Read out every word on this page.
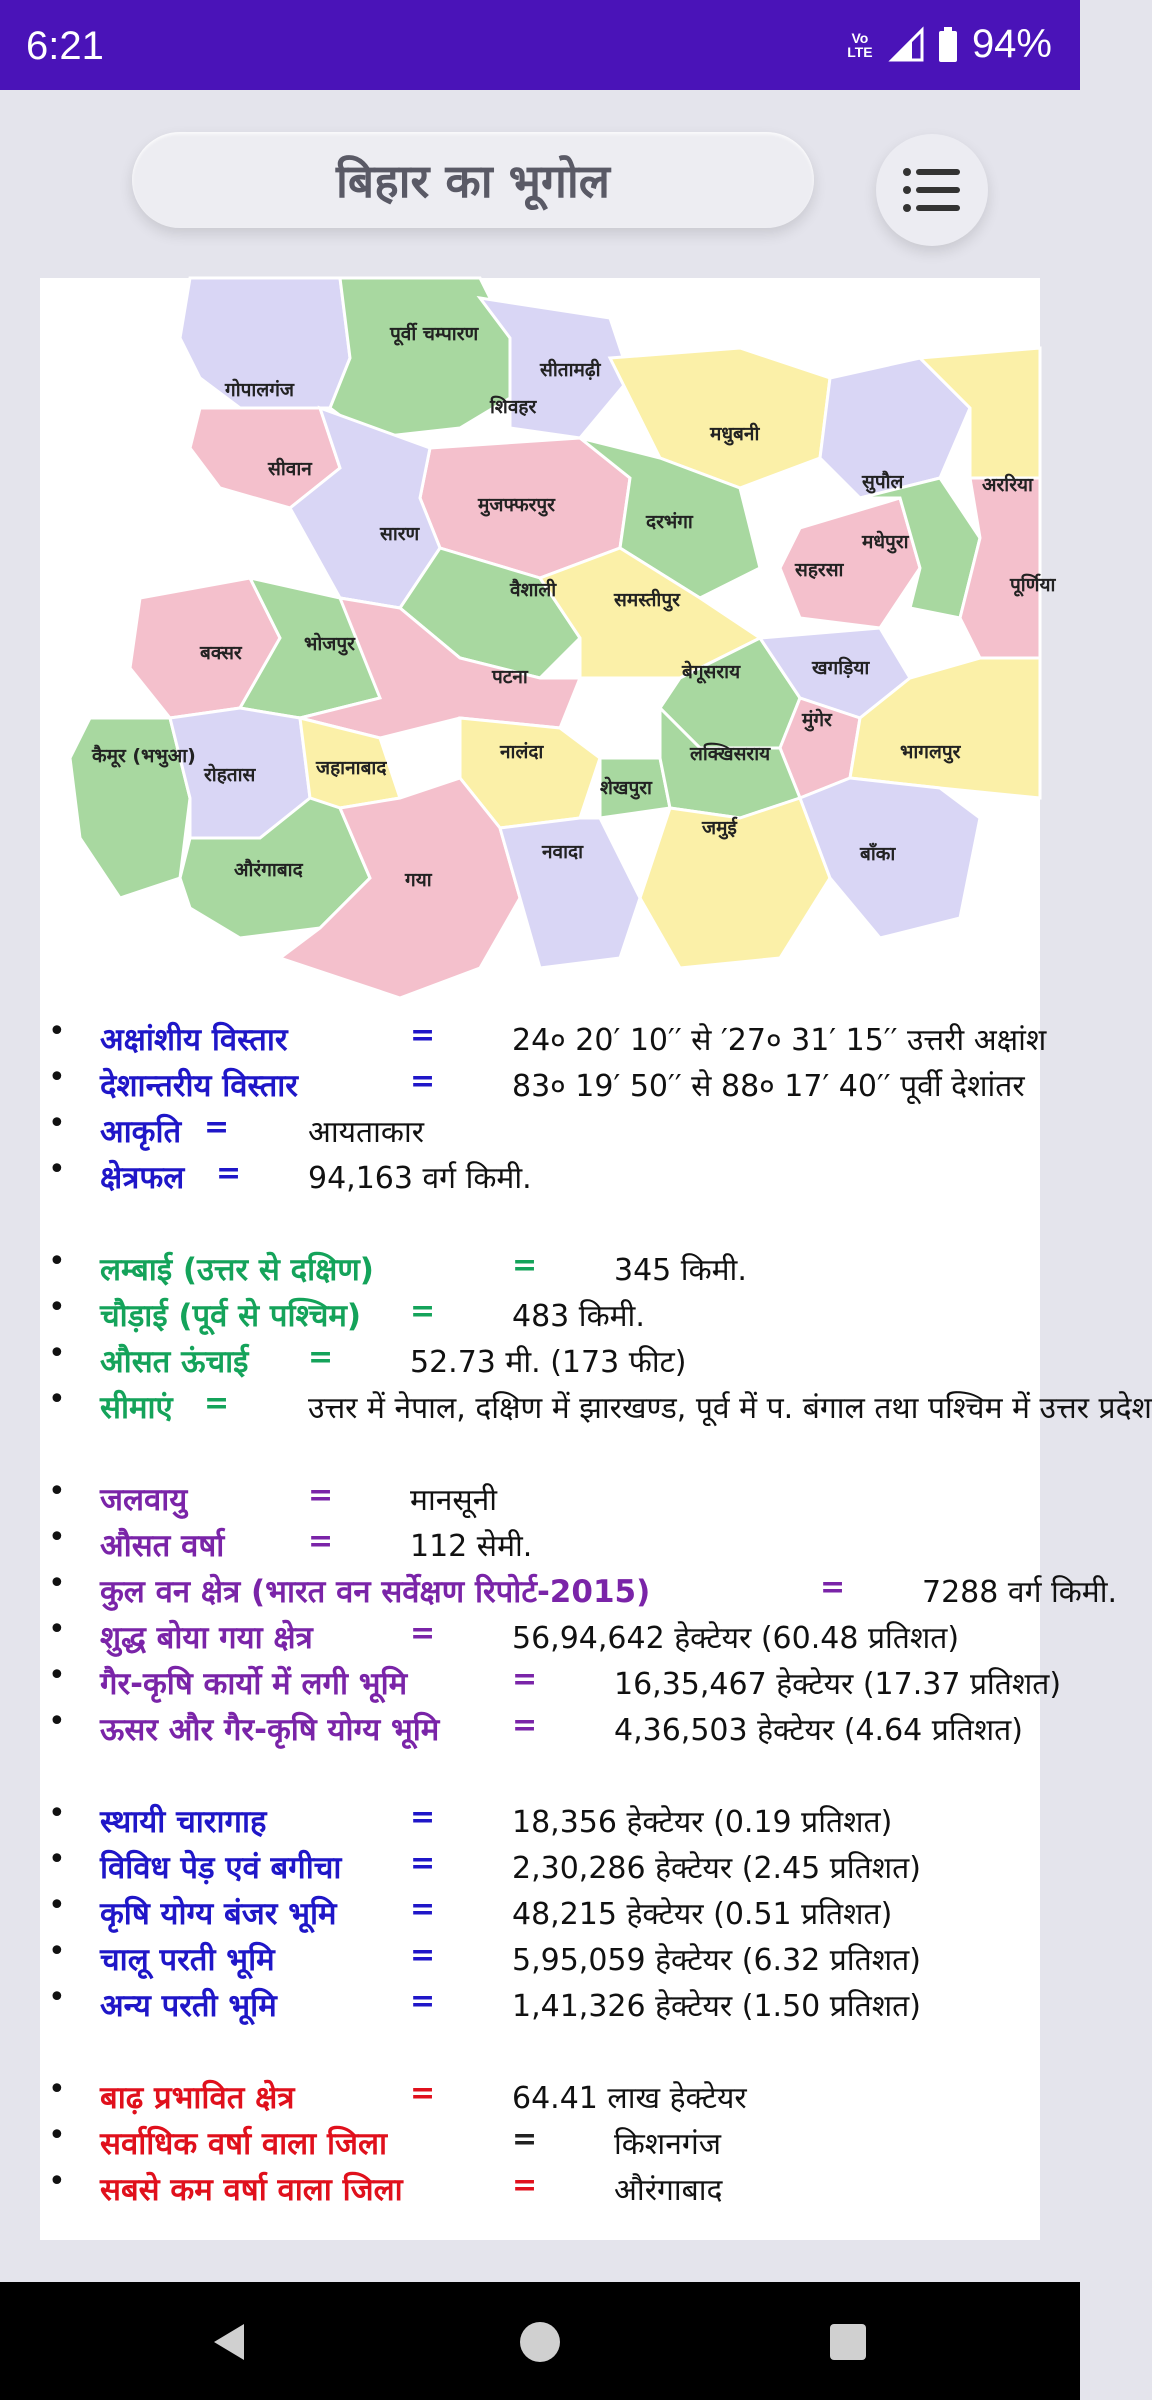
6:21	Vo LTE 94%
बिहार का भूगोल
पूर्वी चम्पारण
गोपालगंज
सीतामढ़ी
शिवहर
मधुबनी
सुपौल	अररिया
सीवान
मुजफ्फरपुर
सारण
दरभंगा
मधेपुरा
सहरसा
पूर्णिया
वैशाली	समस्तीपुर
बक्सर	भोजपुर
पटना	बेगूसराय	खगड़िया
मुंगेर
कैमूर (भभुआ)
रोहतास	जहानाबाद
नालंदा
शेखपुरा
लक्खिसराय	भागलपुर
जमुई
बाँका
औरंगाबाद	गया
नवादा
• अक्षांशीय विस्तार	=	24० 20′ 10′′ से ′27० 31′ 15′′ उत्तरी अक्षांश
• देशान्तरीय विस्तार	=	83० 19′ 50′′ से 88० 17′ 40′′ पूर्वी देशांतर
• आकृति =	आयताकार
• क्षेत्रफल = 94,163 वर्ग किमी.
• लम्बाई (उत्तर से दक्षिण)	=	345 किमी.
• चौड़ाई (पूर्व से पश्चिम) =	483 किमी.
• औसत ऊंचाई =	52.73 मी. (173 फीट)
• सीमाएं =	उत्तर में नेपाल, दक्षिण में झारखण्ड, पूर्व में प. बंगाल तथा पश्चिम में उत्तर प्रदेश
• जलवायु	=	मानसूनी
• औसत वर्षा	=	112 सेमी.
• कुल वन क्षेत्र (भारत वन सर्वेक्षण रिपोर्ट-2015)	=	7288 वर्ग किमी.
• शुद्ध बोया गया क्षेत्र	=	56,94,642 हेक्टेयर (60.48 प्रतिशत)
• गैर-कृषि कार्यो में लगी भूमि	=	16,35,467 हेक्टेयर (17.37 प्रतिशत)
• ऊसर और गैर-कृषि योग्य भूमि =	4,36,503 हेक्टेयर (4.64 प्रतिशत)
• स्थायी चारागाह	=	18,356 हेक्टेयर (0.19 प्रतिशत)
• विविध पेड़ एवं बगीचा =	2,30,286 हेक्टेयर (2.45 प्रतिशत)
• कृषि योग्य बंजर भूमि =	48,215 हेक्टेयर (0.51 प्रतिशत)
• चालू परती भूमि	=	5,95,059 हेक्टेयर (6.32 प्रतिशत)
• अन्य परती भूमि	=	1,41,326 हेक्टेयर (1.50 प्रतिशत)
• बाढ़ प्रभावित क्षेत्र	=	64.41 लाख हेक्टेयर
• सर्वाधिक वर्षा वाला जिला	=	किशनगंज
• सबसे कम वर्षा वाला जिला	=	औरंगाबाद
